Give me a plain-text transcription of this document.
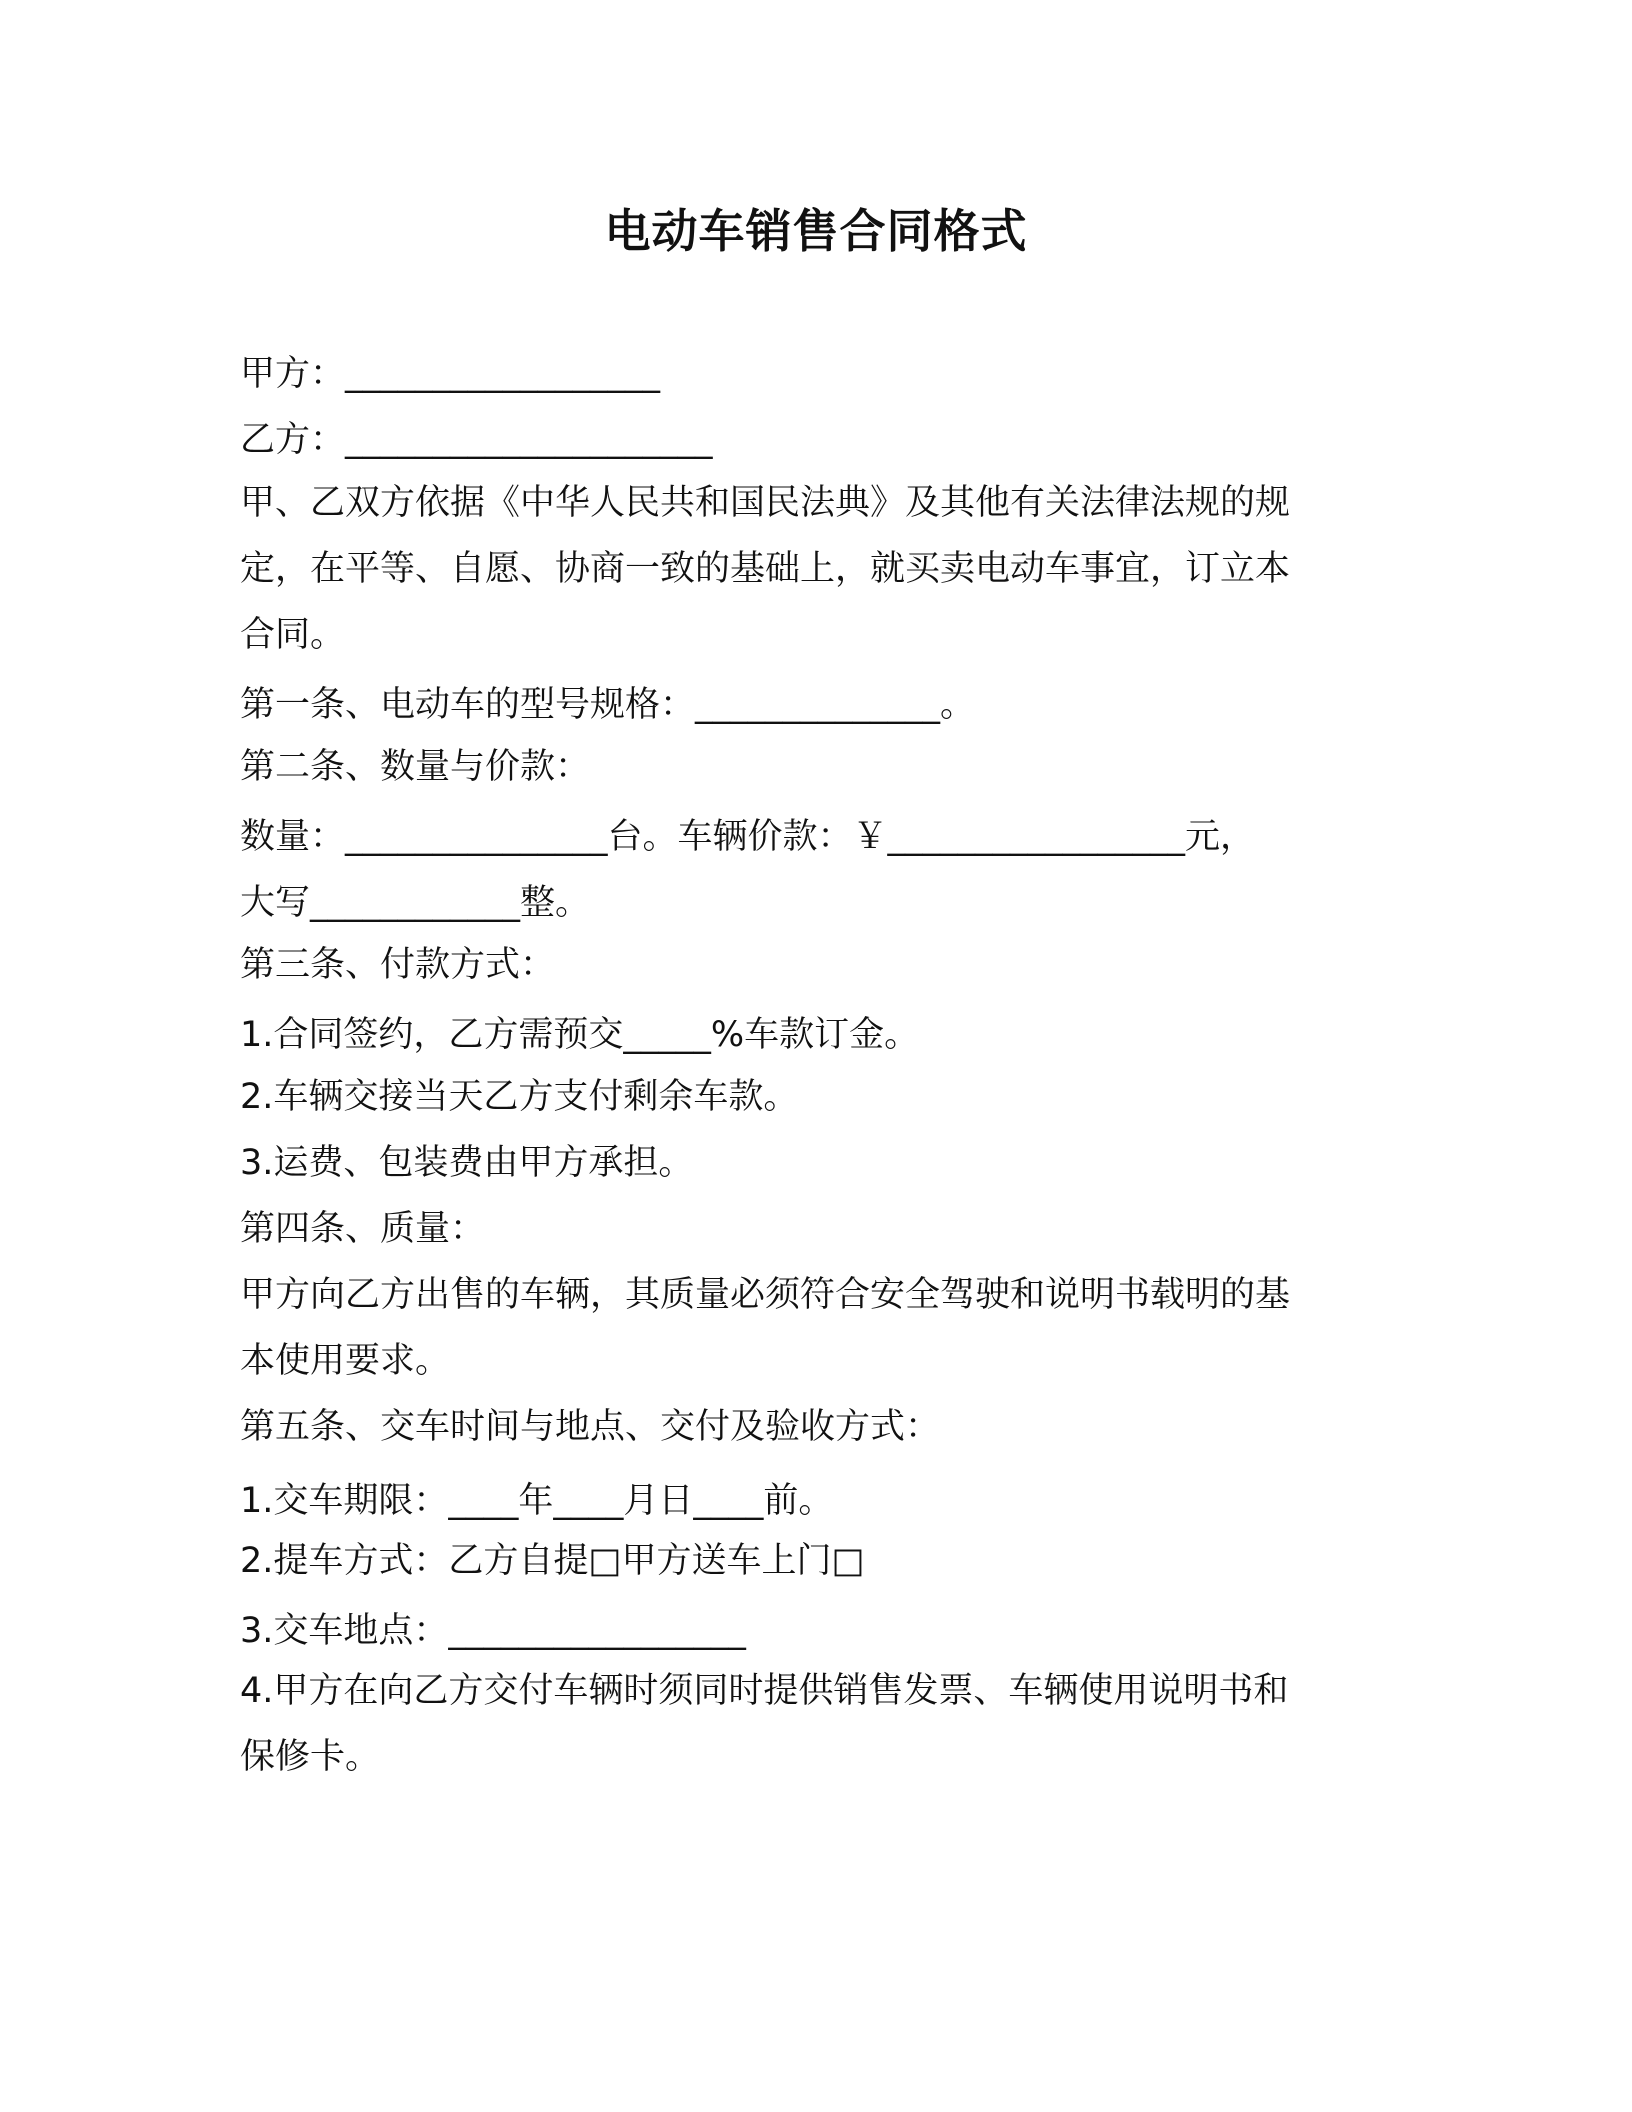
电动车销售合同格式
甲方：__________________
乙方：_____________________
甲、乙双方依据《中华人民共和国民法典》及其他有关法律法规的规
定，在平等、自愿、协商一致的基础上，就买卖电动车事宜，订立本
合同。
第一条、电动车的型号规格：______________。
第二条、数量与价款：
数量：_______________台。车辆价款：￥_________________元，
大写____________整。
第三条、付款方式：
1.合同签约，乙方需预交_____%车款订金。
2.车辆交接当天乙方支付剩余车款。
3.运费、包装费由甲方承担。
第四条、质量：
甲方向乙方出售的车辆，其质量必须符合安全驾驶和说明书载明的基
本使用要求。
第五条、交车时间与地点、交付及验收方式：
1.交车期限：____年____月日____前。
2.提车方式：乙方自提□甲方送车上门□
3.交车地点：_________________
4.甲方在向乙方交付车辆时须同时提供销售发票、车辆使用说明书和
保修卡。
